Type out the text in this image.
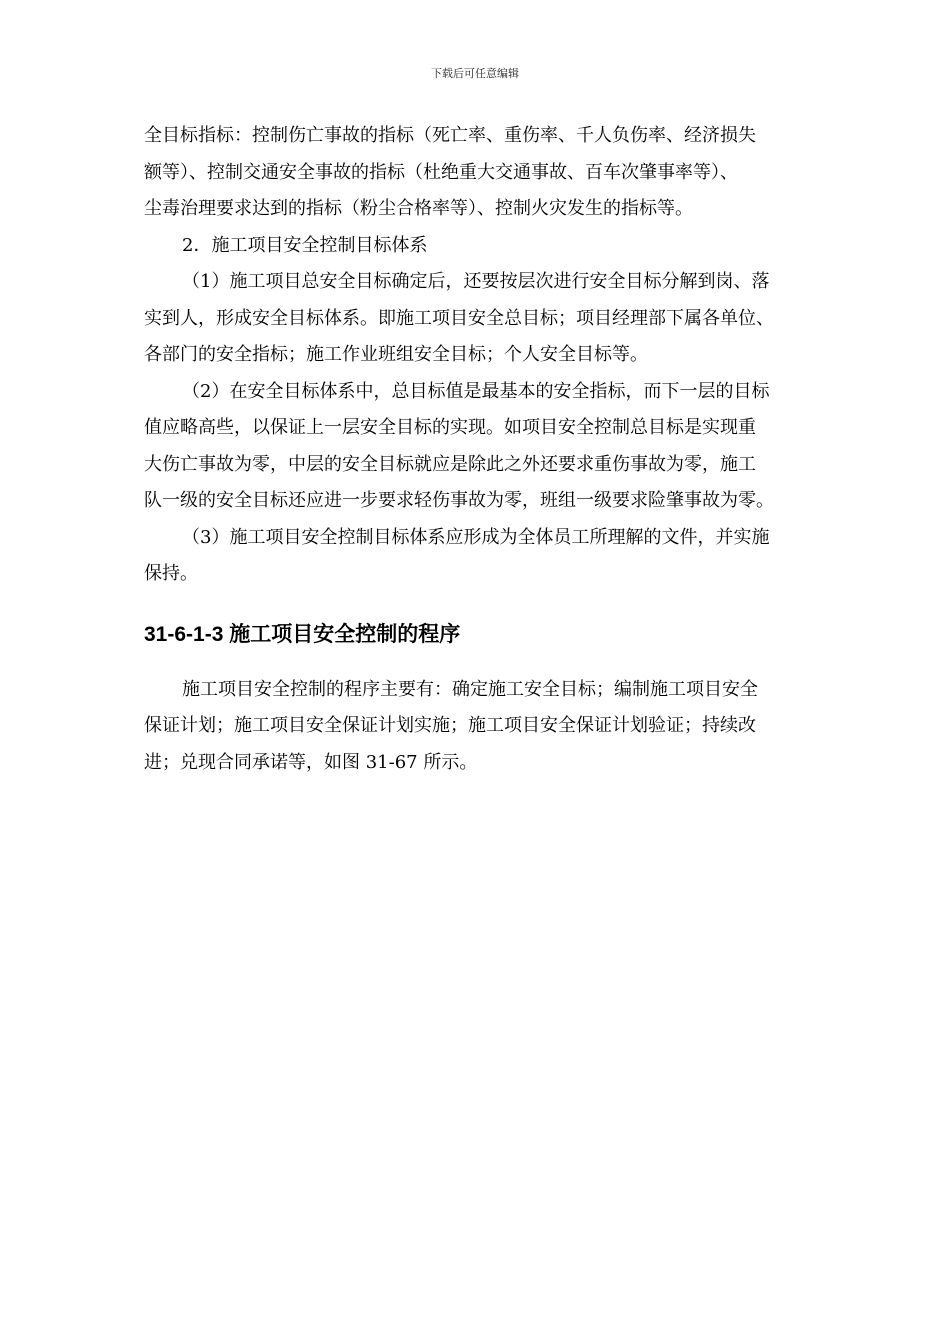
下载后可任意编辑
全目标指标：控制伤亡事故的指标（死亡率、重伤率、千人负伤率、经济损失
额等）、控制交通安全事故的指标（杜绝重大交通事故、百车次肇事率等）、
尘毒治理要求达到的指标（粉尘合格率等）、控制火灾发生的指标等。
2．施工项目安全控制目标体系
（1）施工项目总安全目标确定后，还要按层次进行安全目标分解到岗、落
实到人，形成安全目标体系。即施工项目安全总目标；项目经理部下属各单位、
各部门的安全指标；施工作业班组安全目标；个人安全目标等。
（2）在安全目标体系中，总目标值是最基本的安全指标，而下一层的目标
值应略高些，以保证上一层安全目标的实现。如项目安全控制总目标是实现重
大伤亡事故为零，中层的安全目标就应是除此之外还要求重伤事故为零，施工
队一级的安全目标还应进一步要求轻伤事故为零，班组一级要求险肇事故为零。
（3）施工项目安全控制目标体系应形成为全体员工所理解的文件，并实施
保持。
31-6-1-3 施工项目安全控制的程序
施工项目安全控制的程序主要有：确定施工安全目标；编制施工项目安全
保证计划；施工项目安全保证计划实施；施工项目安全保证计划验证；持续改
进；兑现合同承诺等，如图 31-67 所示。
